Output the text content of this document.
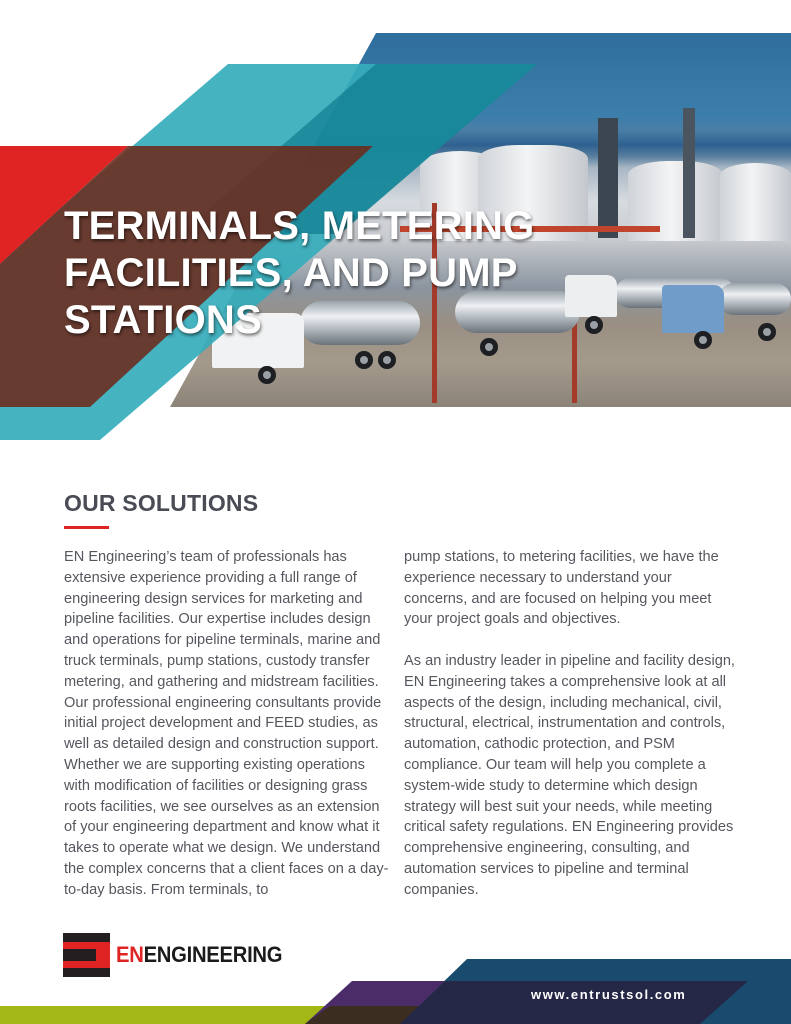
TERMINALS, METERING
FACILITIES, AND PUMP
STATIONS
OUR SOLUTIONS

EN Engineering’s team of professionals has extensive experience providing a full range of engineering design services for marketing and pipeline facilities. Our expertise includes design and operations for pipeline terminals, marine and truck terminals, pump stations, custody transfer metering, and gathering and midstream facilities. Our professional engineering consultants provide initial project development and FEED studies, as well as detailed design and construction support. Whether we are supporting existing operations with modification of facilities or designing grass roots facilities, we see ourselves as an extension of your engineering department and know what it takes to operate what we design. We understand the complex concerns that a client faces on a day-to-day basis. From terminals, to

pump stations, to metering facilities, we have the experience necessary to understand your concerns, and are focused on helping you meet your project goals and objectives.

As an industry leader in pipeline and facility design, EN Engineering takes a comprehensive look at all aspects of the design, including mechanical, civil, structural, electrical, instrumentation and controls, automation, cathodic protection, and PSM compliance. Our team will help you complete a system-wide study to determine which design strategy will best suit your needs, while meeting critical safety regulations. EN Engineering provides comprehensive engineering, consulting, and automation services to pipeline and terminal companies.

ENENGINEERING
www.entrustsol.com
